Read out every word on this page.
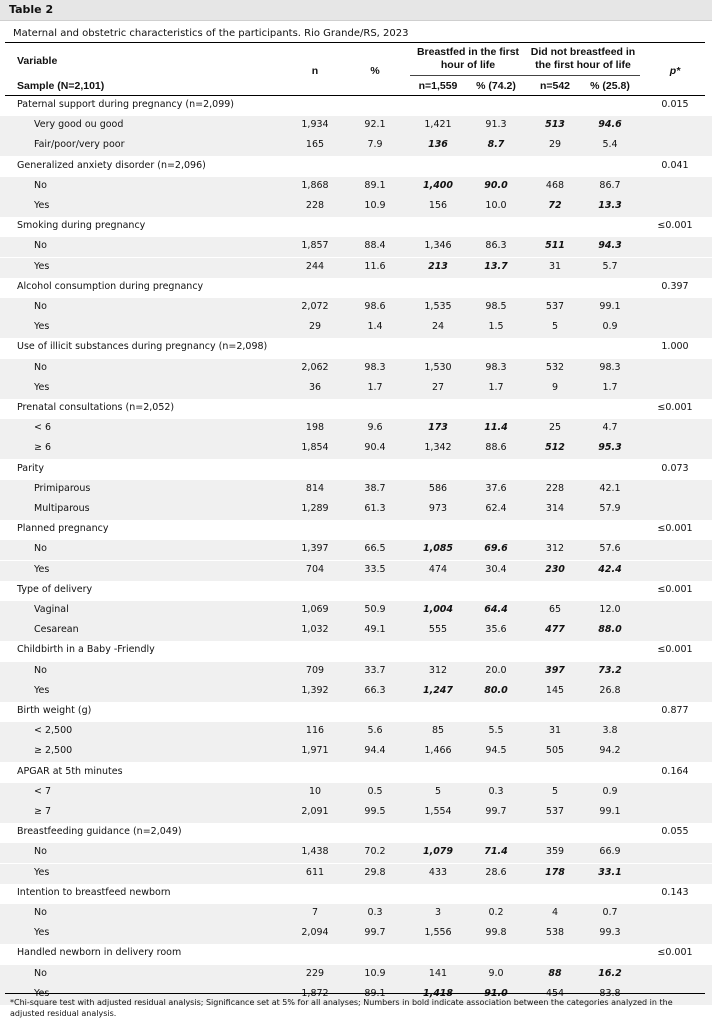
Table 2
Maternal and obstetric characteristics of the participants. Rio Grande/RS, 2023
Variable
n	%
Breastfed in the first hour of life
Did not breastfeed in the first hour of life	p*
Sample (N=2,101)	n=1,559	% (74.2)	n=542	% (25.8)
Paternal support during pregnancy (n=2,099)	0.015
Very good ou good	1,934	92.1	1,421	91.3	513	94.6
Fair/poor/very poor	165	7.9	136	8.7	29	5.4
Generalized anxiety disorder (n=2,096)	0.041
No	1,868	89.1	1,400	90.0	468	86.7
Yes	228	10.9	156	10.0	72	13.3
Smoking during pregnancy	≤0.001
No	1,857	88.4	1,346	86.3	511	94.3
Yes	244	11.6	213	13.7	31	5.7
Alcohol consumption during pregnancy	0.397
No	2,072	98.6	1,535	98.5	537	99.1
Yes	29	1.4	24	1.5	5	0.9
Use of illicit substances during pregnancy (n=2,098)	1.000
No	2,062	98.3	1,530	98.3	532	98.3
Yes	36	1.7	27	1.7	9	1.7
Prenatal consultations (n=2,052)	≤0.001
< 6	198	9.6	173	11.4	25	4.7
≥ 6	1,854	90.4	1,342	88.6	512	95.3
Parity	0.073
Primiparous	814	38.7	586	37.6	228	42.1
Multiparous	1,289	61.3	973	62.4	314	57.9
Planned pregnancy	≤0.001
No	1,397	66.5	1,085	69.6	312	57.6
Yes	704	33.5	474	30.4	230	42.4
Type of delivery	≤0.001
Vaginal	1,069	50.9	1,004	64.4	65	12.0
Cesarean	1,032	49.1	555	35.6	477	88.0
Childbirth in a Baby -Friendly	≤0.001
No	709	33.7	312	20.0	397	73.2
Yes	1,392	66.3	1,247	80.0	145	26.8
Birth weight (g)	0.877
< 2,500	116	5.6	85	5.5	31	3.8
≥ 2,500	1,971	94.4	1,466	94.5	505	94.2
APGAR at 5th minutes	0.164
< 7	10	0.5	5	0.3	5	0.9
≥ 7	2,091	99.5	1,554	99.7	537	99.1
Breastfeeding guidance (n=2,049)	0.055
No	1,438	70.2	1,079	71.4	359	66.9
Yes	611	29.8	433	28.6	178	33.1
Intention to breastfeed newborn	0.143
No	7	0.3	3	0.2	4	0.7
Yes	2,094	99.7	1,556	99.8	538	99.3
Handled newborn in delivery room	≤0.001
No	229	10.9	141	9.0	88	16.2
Yes	1,872	89.1	1,418	91.0	454	83.8
*Chi-square test with adjusted residual analysis; Significance set at 5% for all analyses; Numbers in bold indicate association between the categories analyzed in the adjusted residual analysis.
